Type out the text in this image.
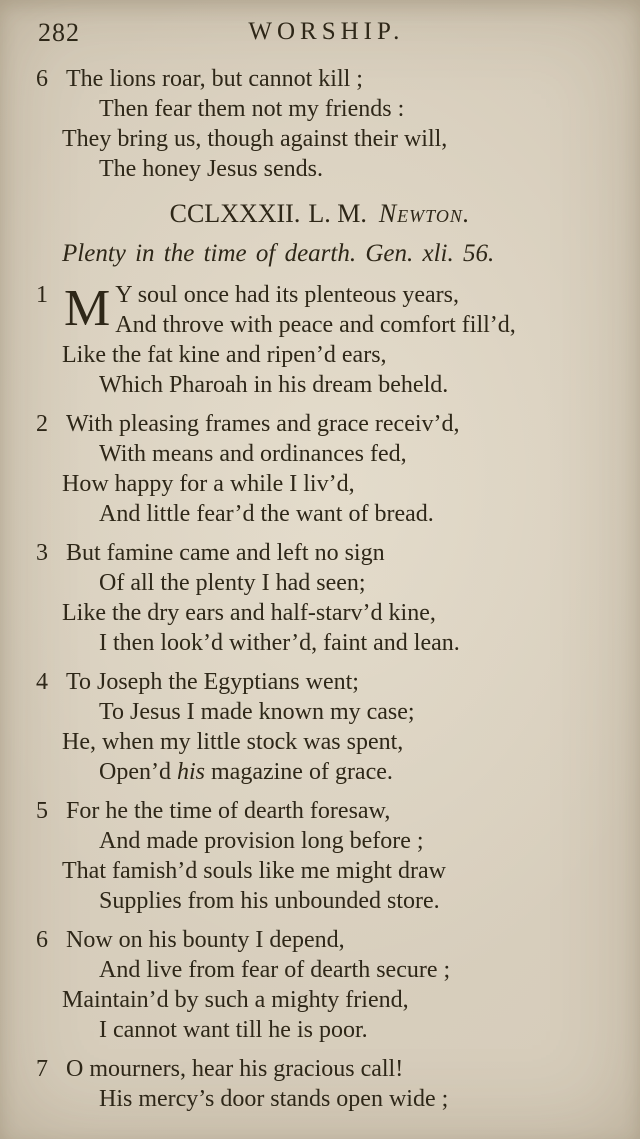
282	WORSHIP.
6 The lions roar, but cannot kill ;
Then fear them not my friends :
They bring us, though against their will,
The honey Jesus sends.
CCLXXXII. L. M. Newton.
Plenty in the time of dearth. Gen. xli. 56.
1 M Y soul once had its plenteous years,
And throve with peace and comfort fill’d,
Like the fat kine and ripen’d ears,
Which Pharoah in his dream beheld.
2 With pleasing frames and grace receiv’d,
With means and ordinances fed,
How happy for a while I liv’d,
And little fear’d the want of bread.
3 But famine came and left no sign
Of all the plenty I had seen;
Like the dry ears and half-starv’d kine,
I then look’d wither’d, faint and lean.
4 To Joseph the Egyptians went;
To Jesus I made known my case;
He, when my little stock was spent,
Open’d his magazine of grace.
5 For he the time of dearth foresaw,
And made provision long before ;
That famish’d souls like me might draw
Supplies from his unbounded store.
6 Now on his bounty I depend,
And live from fear of dearth secure ;
Maintain’d by such a mighty friend,
I cannot want till he is poor.
7 O mourners, hear his gracious call!
His mercy’s door stands open wide ;
